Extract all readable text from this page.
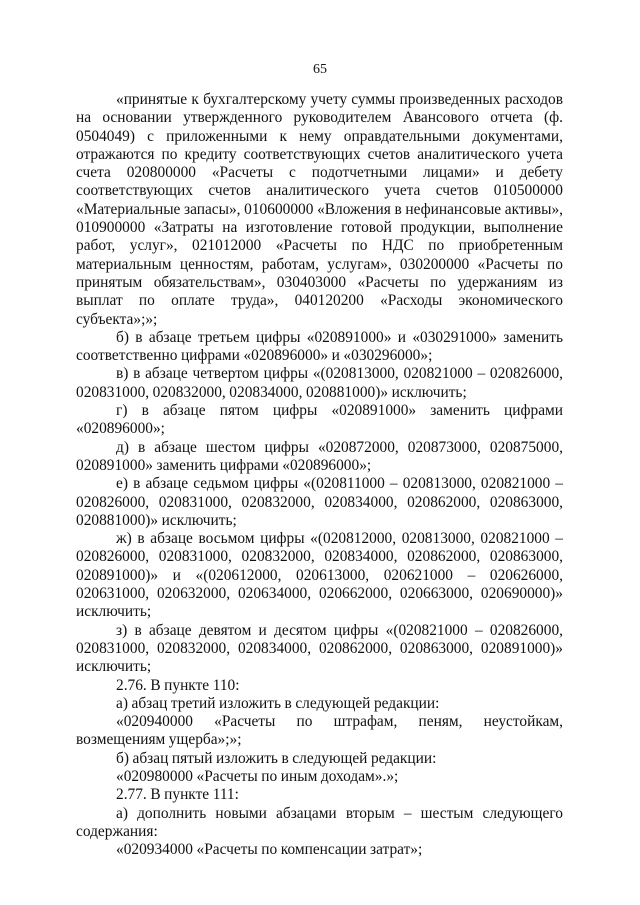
65

«принятые к бухгалтерскому учету суммы произведенных расходов на основании утвержденного руководителем Авансового отчета (ф. 0504049) с приложенными к нему оправдательными документами, отражаются по кредиту соответствующих счетов аналитического учета счета 020800000 «Расчеты с подотчетными лицами» и дебету соответствующих счетов аналитического учета счетов 010500000 «Материальные запасы», 010600000 «Вложения в нефинансовые активы», 010900000 «Затраты на изготовление готовой продукции, выполнение работ, услуг», 021012000 «Расчеты по НДС по приобретенным материальным ценностям, работам, услугам», 030200000 «Расчеты по принятым обязательствам», 030403000 «Расчеты по удержаниям из выплат по оплате труда», 040120200 «Расходы экономического субъекта»;»;

б) в абзаце третьем цифры «020891000» и «030291000» заменить соответственно цифрами «020896000» и «030296000»;

в) в абзаце четвертом цифры «(020813000, 020821000 – 020826000, 020831000, 020832000, 020834000, 020881000)» исключить;

г) в абзаце пятом цифры «020891000» заменить цифрами «020896000»;

д) в абзаце шестом цифры «020872000, 020873000, 020875000, 020891000» заменить цифрами «020896000»;

е) в абзаце седьмом цифры «(020811000 – 020813000, 020821000 – 020826000, 020831000, 020832000, 020834000, 020862000, 020863000, 020881000)» исключить;

ж) в абзаце восьмом цифры «(020812000, 020813000, 020821000 – 020826000, 020831000, 020832000, 020834000, 020862000, 020863000, 020891000)» и «(020612000, 020613000, 020621000 – 020626000, 020631000, 020632000, 020634000, 020662000, 020663000, 020690000)» исключить;

з) в абзаце девятом и десятом цифры «(020821000 – 020826000, 020831000, 020832000, 020834000, 020862000, 020863000, 020891000)» исключить;

2.76. В пункте 110:

а) абзац третий изложить в следующей редакции:

«020940000 «Расчеты по штрафам, пеням, неустойкам, возмещениям ущерба»;»;

б) абзац пятый изложить в следующей редакции:

«020980000 «Расчеты по иным доходам».»;

2.77. В пункте 111:

а) дополнить новыми абзацами вторым – шестым следующего содержания:

«020934000 «Расчеты по компенсации затрат»;
